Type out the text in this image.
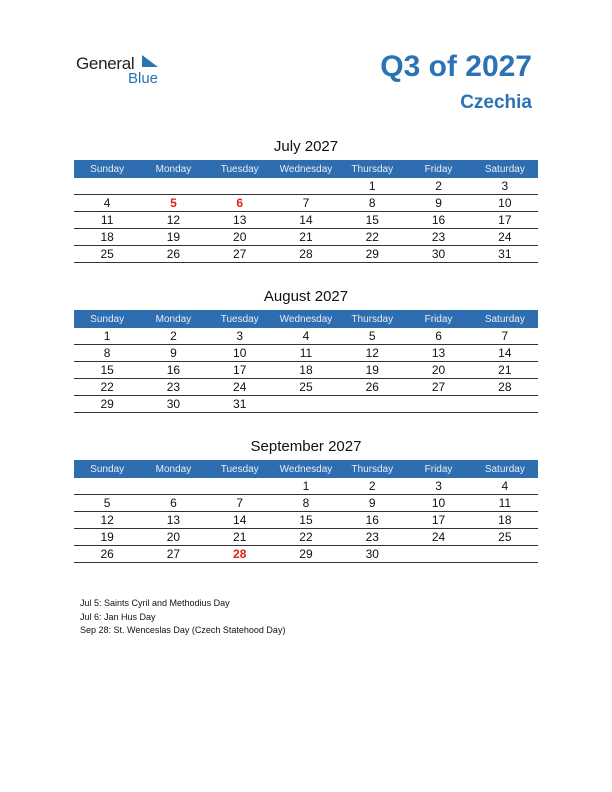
General
Blue	Q3 of 2027
Czechia
July 2027
Sunday	Monday	Tuesday	Wednesday	Thursday	Friday	Saturday
				1	2	3
4	5	6	7	8	9	10
11	12	13	14	15	16	17
18	19	20	21	22	23	24
25	26	27	28	29	30	31
August 2027
Sunday	Monday	Tuesday	Wednesday	Thursday	Friday	Saturday
1	2	3	4	5	6	7
8	9	10	11	12	13	14
15	16	17	18	19	20	21
22	23	24	25	26	27	28
29	30	31				
September 2027
Sunday	Monday	Tuesday	Wednesday	Thursday	Friday	Saturday
			1	2	3	4
5	6	7	8	9	10	11
12	13	14	15	16	17	18
19	20	21	22	23	24	25
26	27	28	29	30		
Jul 5: Saints Cyril and Methodius Day
Jul 6: Jan Hus Day
Sep 28: St. Wenceslas Day (Czech Statehood Day)
